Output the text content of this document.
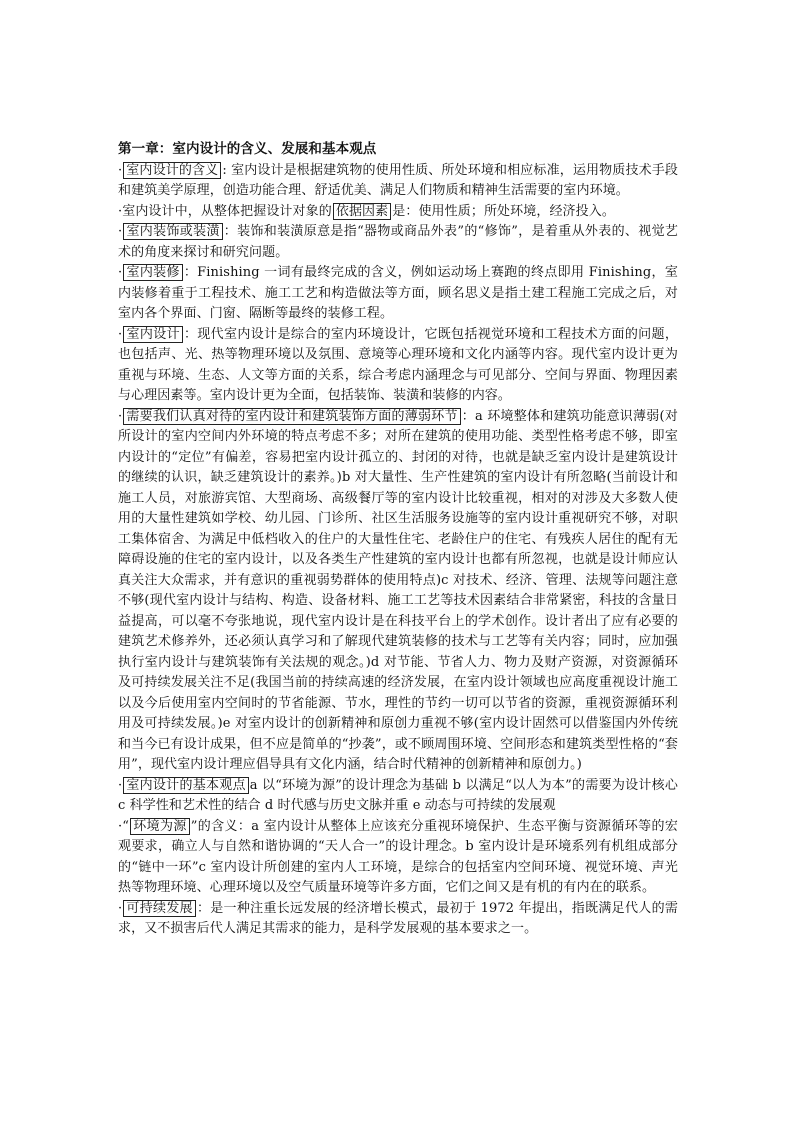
第一章：室内设计的含义、发展和基本观点

· 室内设计的含义 : 室内设计是根据建筑物的使用性质、所处环境和相应标准，运用物质技术手段和建筑美学原理，创造功能合理、舒适优美、满足人们物质和精神生活需要的室内环境。

·室内设计中，从整体把握设计对象的 依据因素 是：使用性质；所处环境，经济投入。

· 室内装饰或装潢 ：装饰和装潢原意是指“器物或商品外表”的“修饰”，是着重从外表的、视觉艺术的角度来探讨和研究问题。

· 室内装修 ：Finishing 一词有最终完成的含义，例如运动场上赛跑的终点即用 Finishing，室内装修着重于工程技术、施工工艺和构造做法等方面，顾名思义是指土建工程施工完成之后，对室内各个界面、门窗、隔断等最终的装修工程。

· 室内设计 ：现代室内设计是综合的室内环境设计，它既包括视觉环境和工程技术方面的问题，也包括声、光、热等物理环境以及氛围、意境等心理环境和文化内涵等内容。现代室内设计更为重视与环境、生态、人文等方面的关系，综合考虑内涵理念与可见部分、空间与界面、物理因素与心理因素等。室内设计更为全面，包括装饰、装潢和装修的内容。

· 需要我们认真对待的室内设计和建筑装饰方面的薄弱环节 ：a 环境整体和建筑功能意识薄弱(对所设计的室内空间内外环境的特点考虑不多；对所在建筑的使用功能、类型性格考虑不够，即室内设计的“定位”有偏差，容易把室内设计孤立的、封闭的对待，也就是缺乏室内设计是建筑设计的继续的认识，缺乏建筑设计的素养。)b 对大量性、生产性建筑的室内设计有所忽略(当前设计和施工人员，对旅游宾馆、大型商场、高级餐厅等的室内设计比较重视，相对的对涉及大多数人使用的大量性建筑如学校、幼儿园、门诊所、社区生活服务设施等的室内设计重视研究不够，对职工集体宿舍、为满足中低档收入的住户的大量性住宅、老龄住户的住宅、有残疾人居住的配有无障碍设施的住宅的室内设计，以及各类生产性建筑的室内设计也都有所忽视，也就是设计师应认真关注大众需求，并有意识的重视弱势群体的使用特点)c 对技术、经济、管理、法规等问题注意不够(现代室内设计与结构、构造、设备材料、施工工艺等技术因素结合非常紧密，科技的含量日益提高，可以毫不夸张地说，现代室内设计是在科技平台上的学术创作。设计者出了应有必要的建筑艺术修养外，还必须认真学习和了解现代建筑装修的技术与工艺等有关内容；同时，应加强执行室内设计与建筑装饰有关法规的观念。)d 对节能、节省人力、物力及财产资源，对资源循环及可持续发展关注不足(我国当前的持续高速的经济发展，在室内设计领域也应高度重视设计施工以及今后使用室内空间时的节省能源、节水，理性的节约一切可以节省的资源，重视资源循环利用及可持续发展。)e 对室内设计的创新精神和原创力重视不够(室内设计固然可以借鉴国内外传统和当今已有设计成果，但不应是简单的“抄袭”，或不顾周围环境、空间形态和建筑类型性格的“套用”，现代室内设计理应倡导具有文化内涵，结合时代精神的创新精神和原创力。)

· 室内设计的基本观点 a 以“环境为源”的设计理念为基础 b 以满足“以人为本”的需要为设计核心 c 科学性和艺术性的结合 d 时代感与历史文脉并重 e 动态与可持续的发展观

·“ 环境为源 ”的含义：a 室内设计从整体上应该充分重视环境保护、生态平衡与资源循环等的宏观要求，确立人与自然和谐协调的“天人合一”的设计理念。b 室内设计是环境系列有机组成部分的“链中一环”c 室内设计所创建的室内人工环境，是综合的包括室内空间环境、视觉环境、声光热等物理环境、心理环境以及空气质量环境等许多方面，它们之间又是有机的有内在的联系。

· 可持续发展 ：是一种注重长远发展的经济增长模式，最初于 1972 年提出，指既满足代人的需求，又不损害后代人满足其需求的能力，是科学发展观的基本要求之一。
